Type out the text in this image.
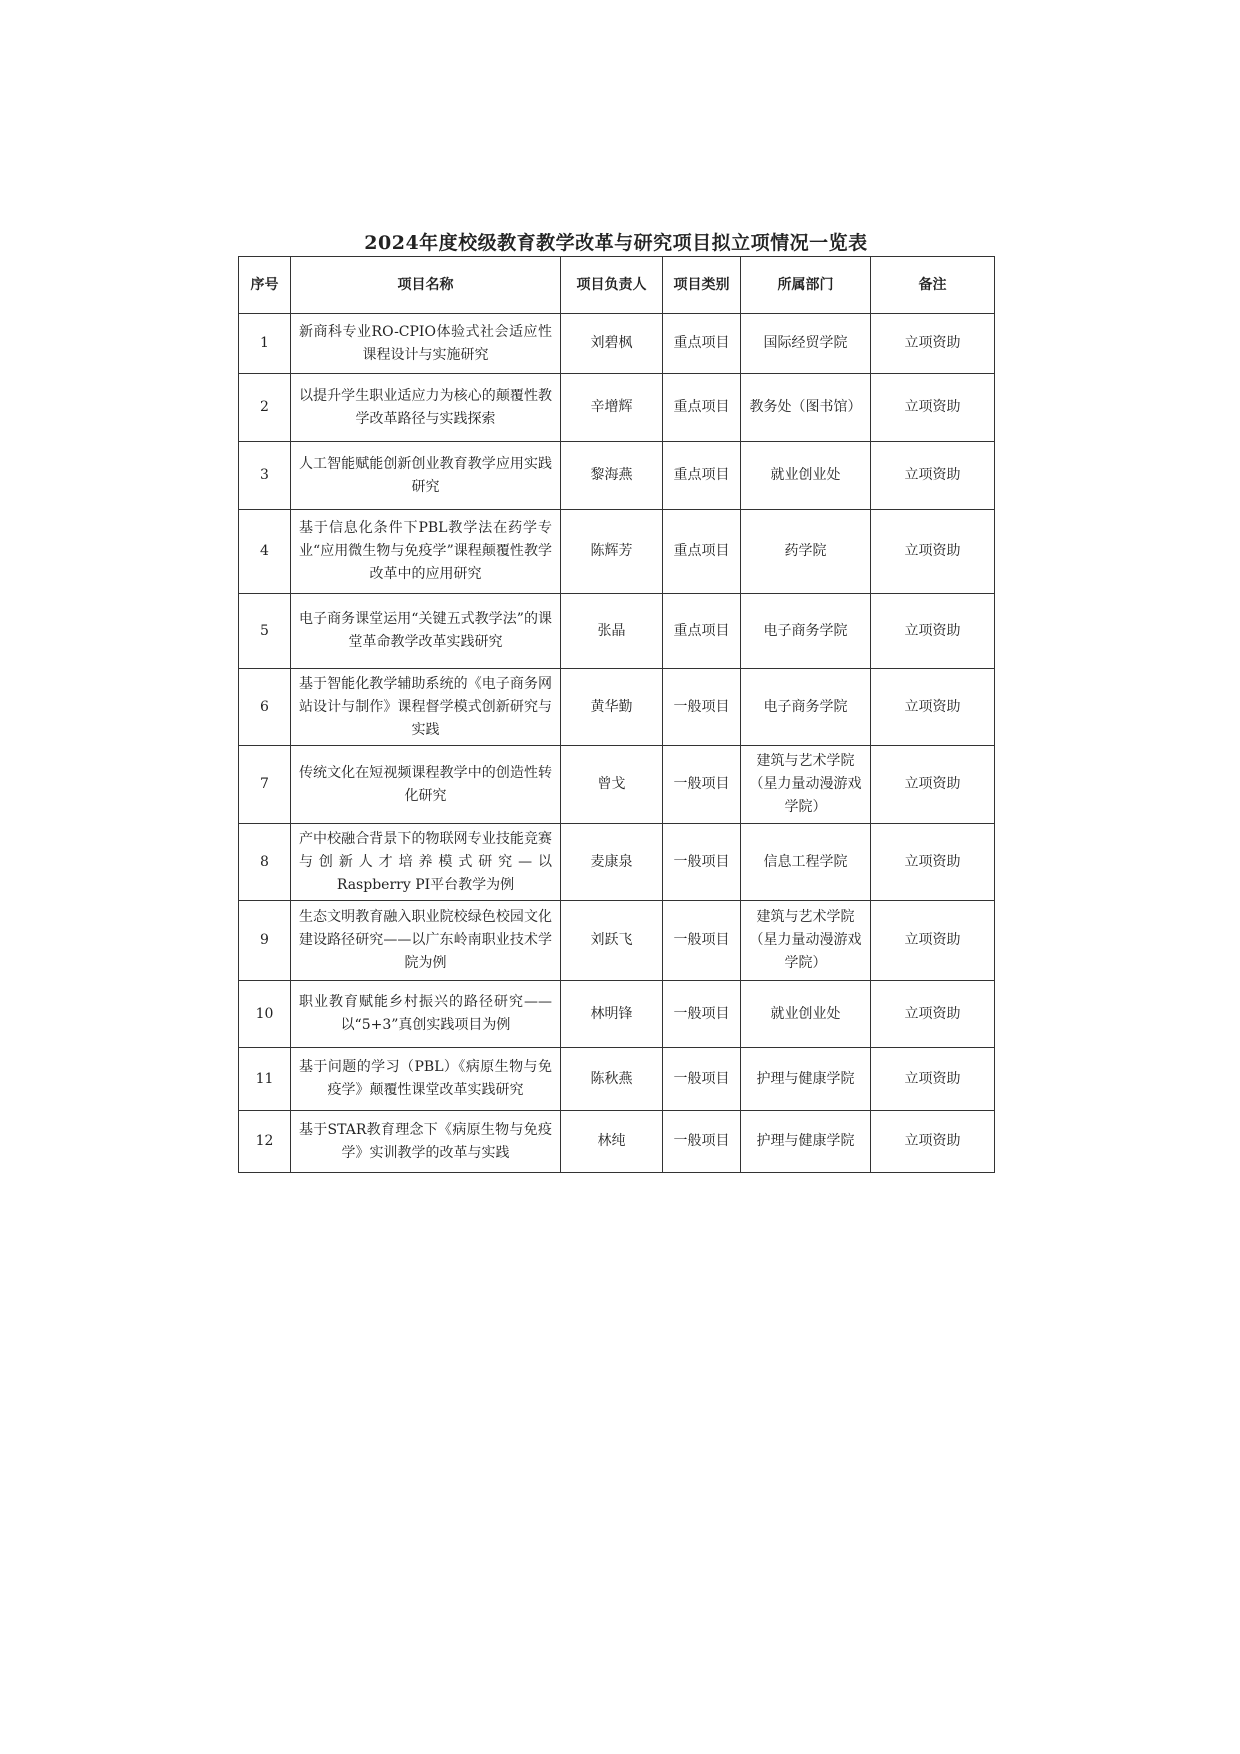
2024年度校级教育教学改革与研究项目拟立项情况一览表
序号	项目名称	项目负责人	项目类别	所属部门	备注
1	新商科专业RO-CPIO体验式社会适应性课程设计与实施研究	刘碧枫	重点项目	国际经贸学院	立项资助
2	以提升学生职业适应力为核心的颠覆性教学改革路径与实践探索	辛增辉	重点项目	教务处（图书馆）	立项资助
3	人工智能赋能创新创业教育教学应用实践研究	黎海燕	重点项目	就业创业处	立项资助
4	基于信息化条件下PBL教学法在药学专业“应用微生物与免疫学”课程颠覆性教学改革中的应用研究	陈辉芳	重点项目	药学院	立项资助
5	电子商务课堂运用“关键五式教学法”的课堂革命教学改革实践研究	张晶	重点项目	电子商务学院	立项资助
6	基于智能化教学辅助系统的《电子商务网站设计与制作》课程督学模式创新研究与实践	黄华勤	一般项目	电子商务学院	立项资助
7	传统文化在短视频课程教学中的创造性转化研究	曾戈	一般项目	建筑与艺术学院（星力量动漫游戏学院）	立项资助
8	产中校融合背景下的物联网专业技能竞赛与创新人才培养模式研究—以Raspberry PI平台教学为例	麦康泉	一般项目	信息工程学院	立项资助
9	生态文明教育融入职业院校绿色校园文化建设路径研究——以广东岭南职业技术学院为例	刘跃飞	一般项目	建筑与艺术学院（星力量动漫游戏学院）	立项资助
10	职业教育赋能乡村振兴的路径研究——以“5+3”真创实践项目为例	林明锋	一般项目	就业创业处	立项资助
11	基于问题的学习（PBL）《病原生物与免疫学》颠覆性课堂改革实践研究	陈秋燕	一般项目	护理与健康学院	立项资助
12	基于STAR教育理念下《病原生物与免疫学》实训教学的改革与实践	林纯	一般项目	护理与健康学院	立项资助
